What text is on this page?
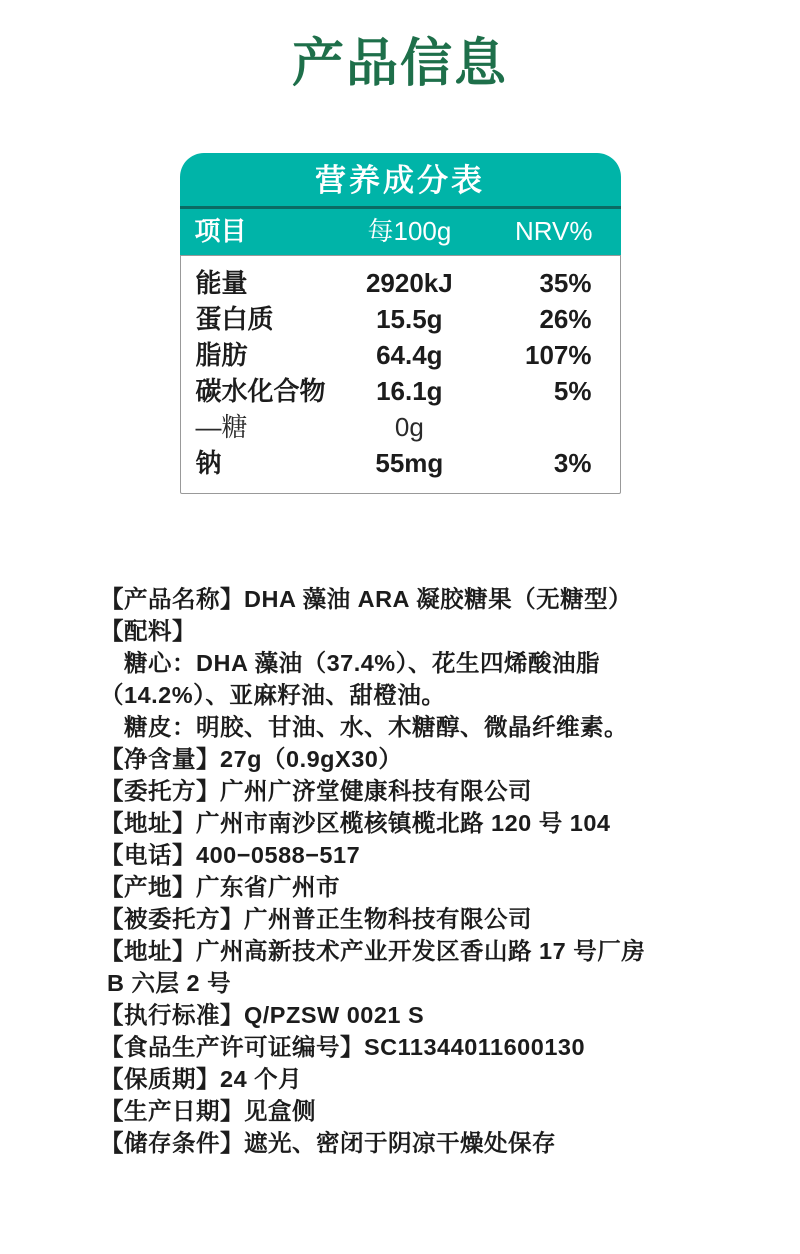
产品信息
营养成分表
项目	每100g	NRV%
能量	2920kJ	35%
蛋白质	15.5g	26%
脂肪	64.4g	107%
碳水化合物	16.1g	5%
—糖	0g
钠	55mg	3%
【产品名称】DHA 藻油 ARA 凝胶糖果（无糖型）
【配料】
　糖心：DHA 藻油（37.4%）、花生四烯酸油脂
（14.2%）、亚麻籽油、甜橙油。
　糖皮：明胶、甘油、水、木糖醇、微晶纤维素。
【净含量】27g（0.9gX30）
【委托方】广州广济堂健康科技有限公司
【地址】广州市南沙区榄核镇榄北路 120 号 104
【电话】400−0588−517
【产地】广东省广州市
【被委托方】广州普正生物科技有限公司
【地址】广州高新技术产业开发区香山路 17 号厂房
B 六层 2 号
【执行标准】Q/PZSW 0021 S
【食品生产许可证编号】SC11344011600130
【保质期】24 个月
【生产日期】见盒侧
【储存条件】遮光、密闭于阴凉干燥处保存
